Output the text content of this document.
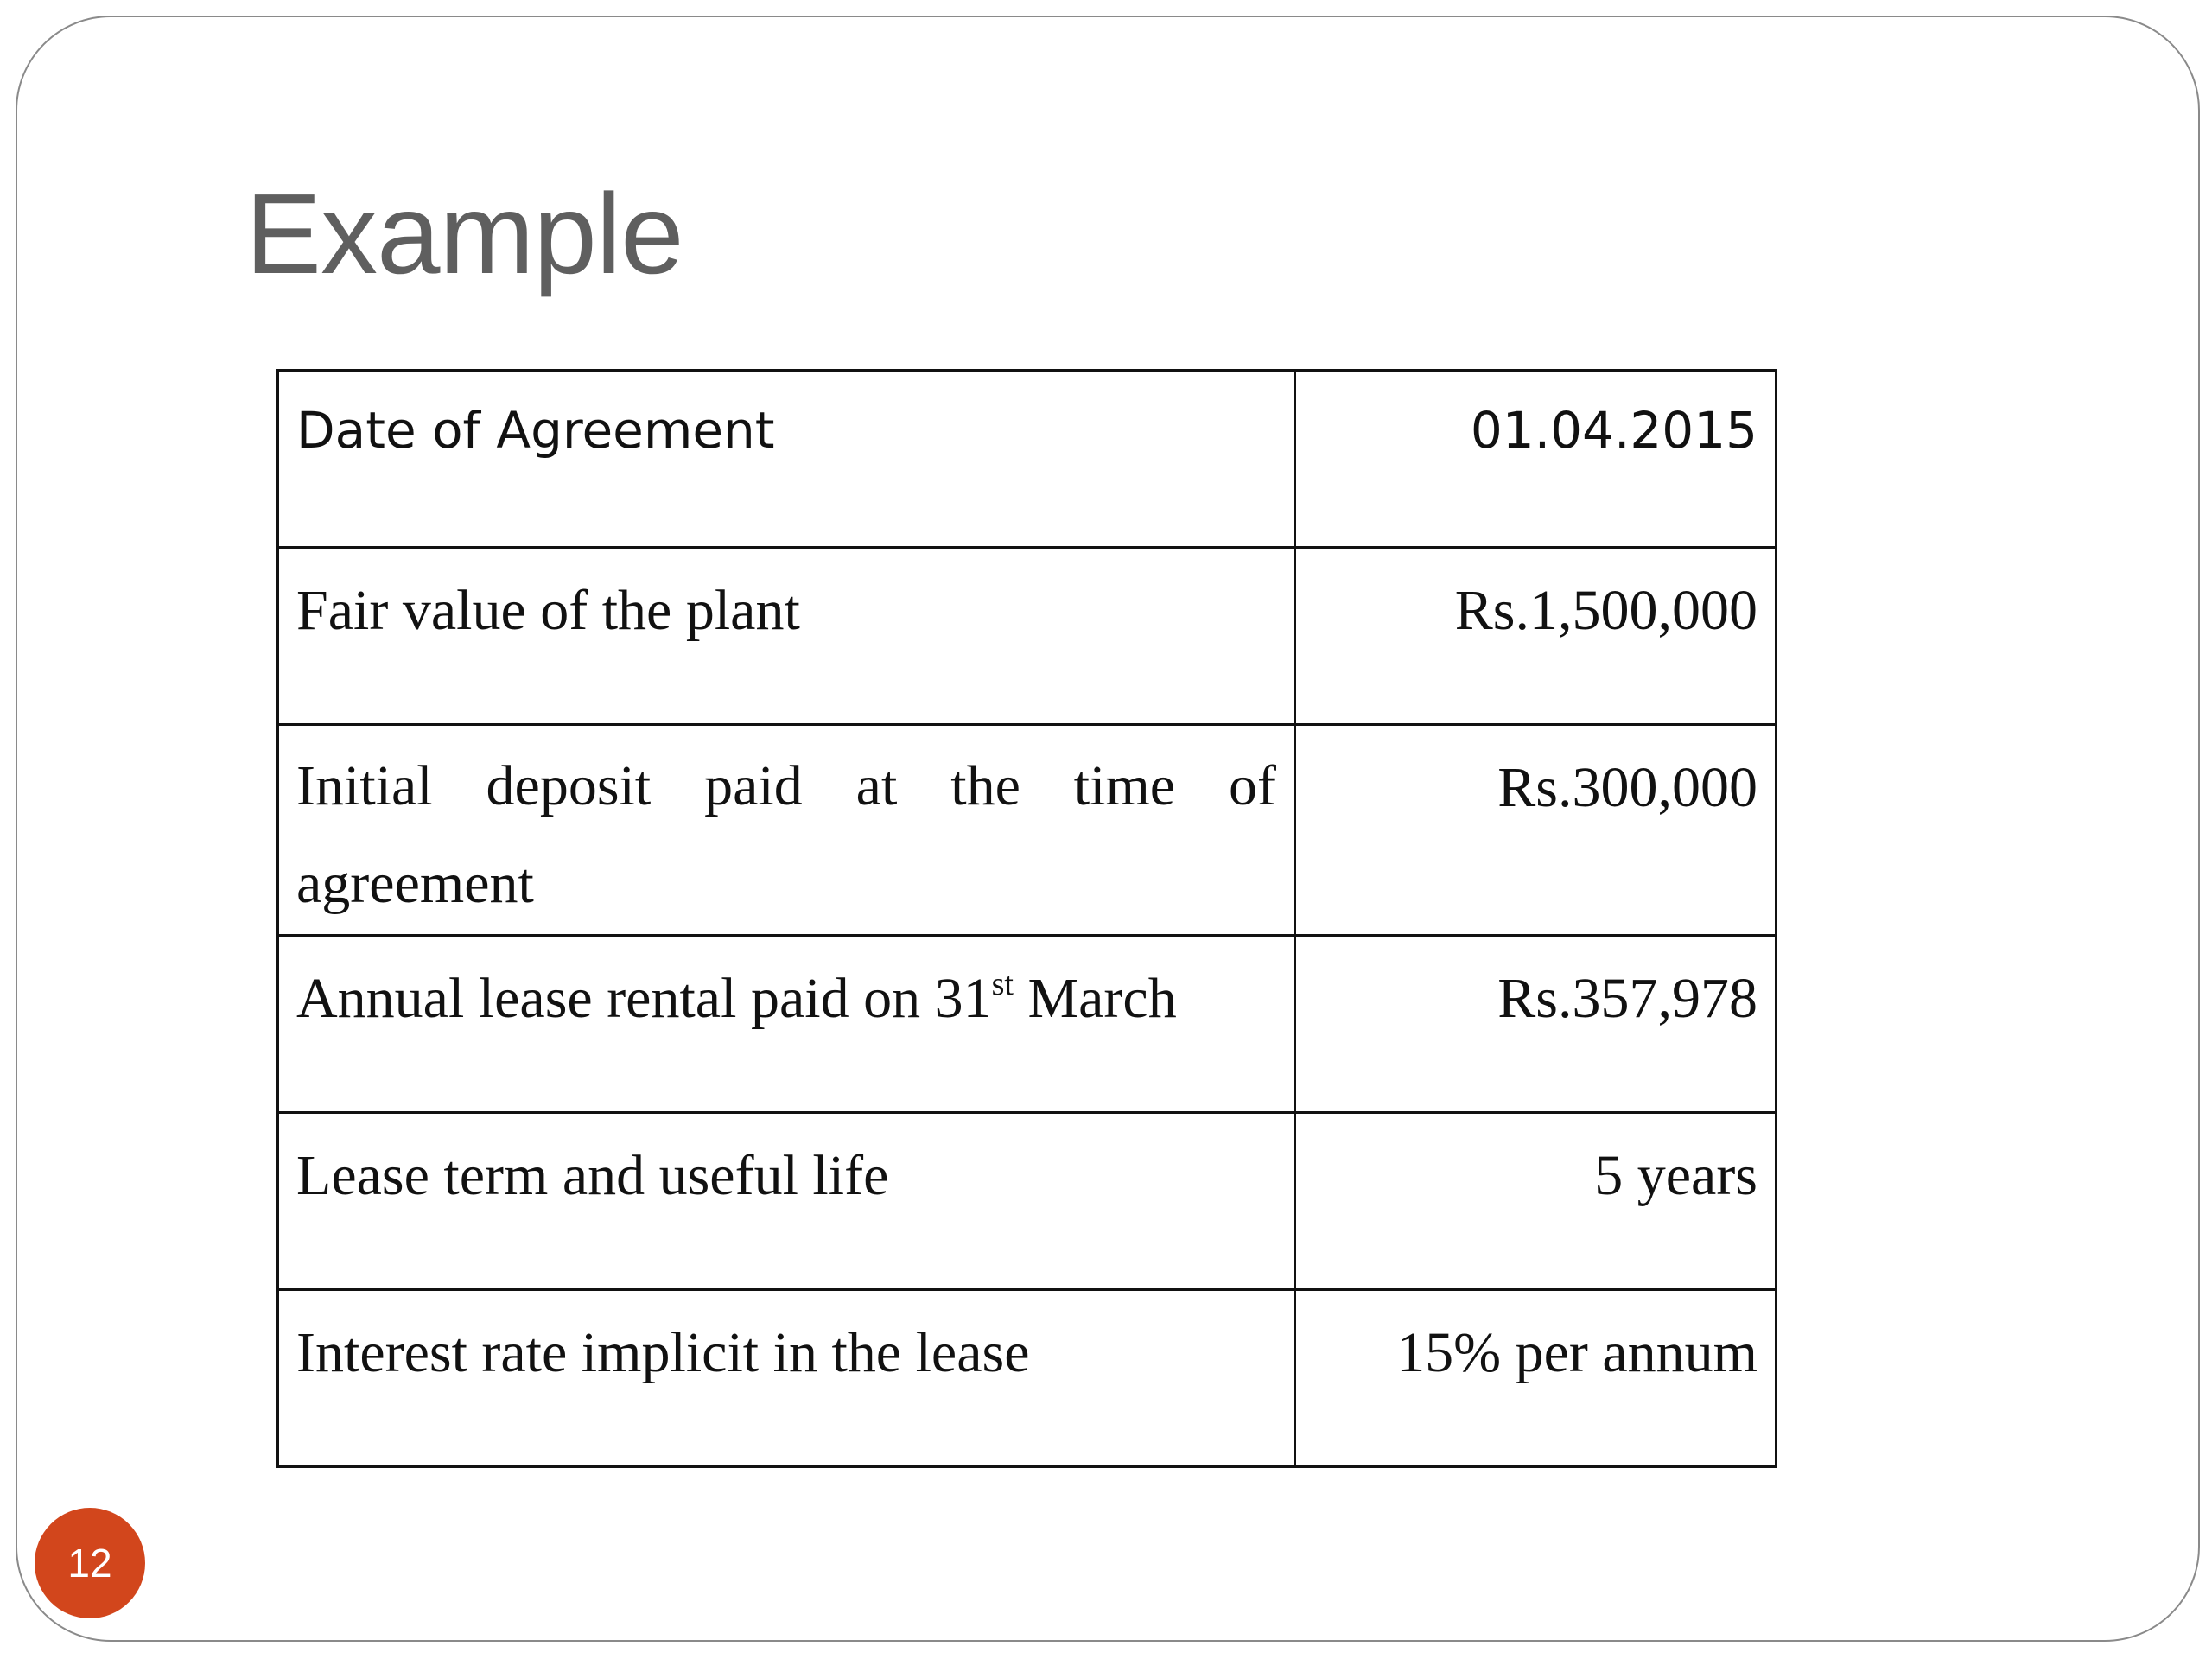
Example
Date of Agreement	01.04.2015
Fair value of the plant	Rs.1,500,000

Initial deposit paid at the time of
agreement	Rs.300,000
Annual lease rental paid on 31st March	Rs.357,978
Lease term and useful life	5 years
Interest rate implicit in the lease	15% per annum
12
